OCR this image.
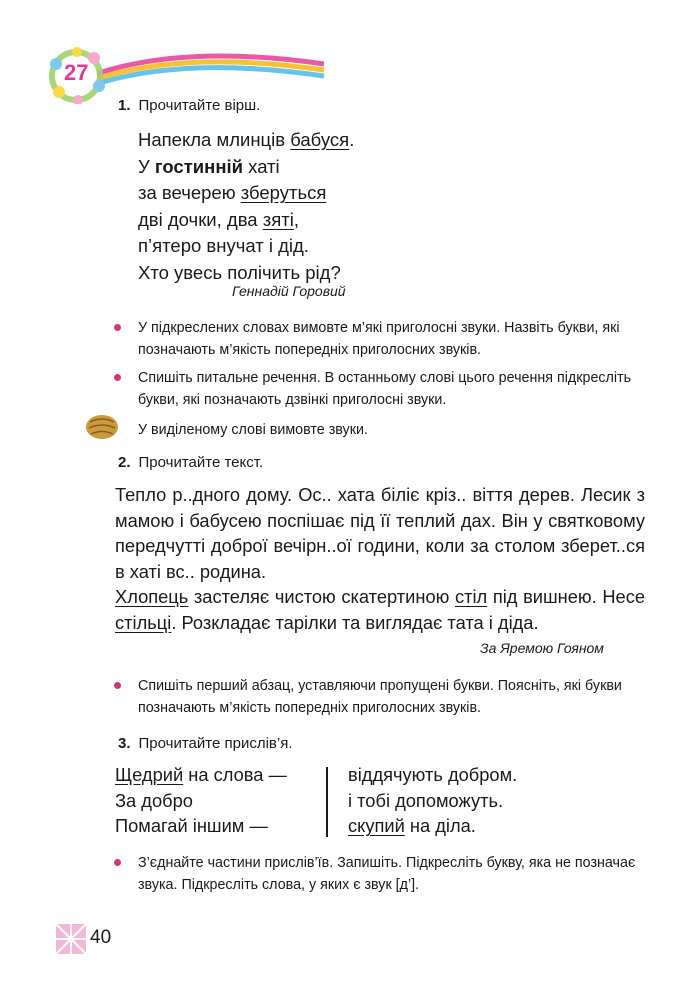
27
1. Прочитайте вірш.
Напекла млинців бабуся.
У гостинній хаті
за вечерею зберуться
дві дочки, два зяті,
п’ятеро внучат і дід.
Хто увесь полічить рід?
Геннадій Горовий
У підкреслених словах вимовте м’які приголосні звуки. Назвіть букви, які позначають м’якість попередніх приголосних звуків.
Спишіть питальне речення. В останньому слові цього речення підкресліть букви, які позначають дзвінкі приголосні звуки.
У виділеному слові вимовте звуки.
2. Прочитайте текст.

Тепло р..дного дому. Ос.. хата біліє кріз.. віття дерев. Лесик з мамою і бабусею поспішає під її теплий дах. Він у святковому передчутті доброї вечірн..ої години, коли за столом зберет..ся в хаті вс.. родина.

Хлопець застеляє чистою скатертиною стіл під вишнею. Несе стільці. Розкладає тарілки та виглядає тата і діда.

За Яремою Гояном
Спишіть перший абзац, уставляючи пропущені букви. Поясніть, які букви позначають м’якість попередніх приголосних звуків.
3. Прочитайте прислів’я.
Щедрий на слова —
За добро
Помагай іншим —
віддячують добром.
і тобі допоможуть.
скупий на діла.
З’єднайте частини прислів’їв. Запишіть. Підкресліть букву, яка не позначає звука. Підкресліть слова, у яких є звук [д’].
40
